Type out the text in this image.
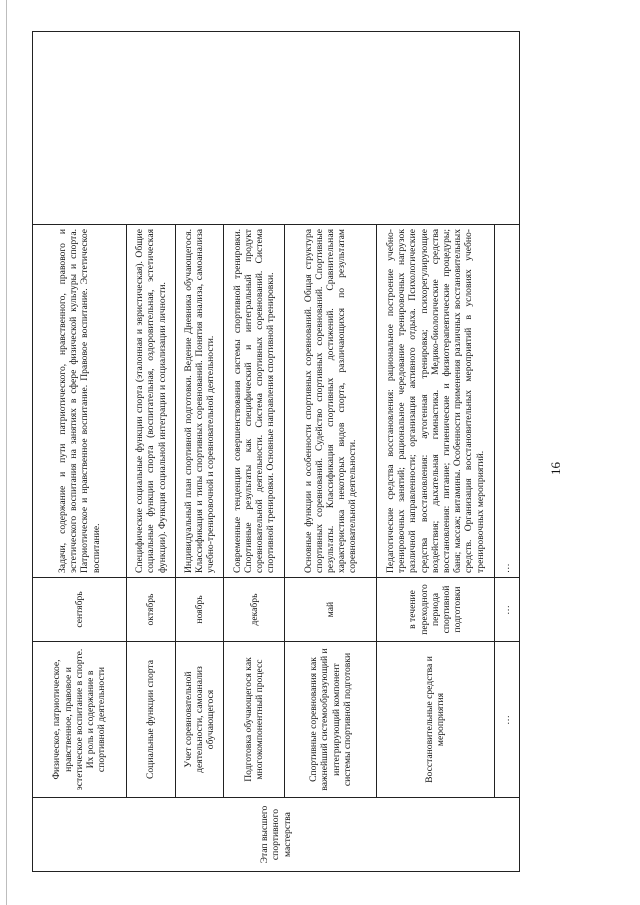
16
Этап высшего спортивного мастерства	Физическое, патриотическое, нравственное, правовое и эстетическое воспитание в спорте. Их роль и содержание в спортивной деятельности	сентябрь	Задачи, содержание и пути патриотического, нравственного, правового и эстетического воспитания на занятиях в сфере физической культуры и спорта. Патриотическое и нравственное воспитание. Правовое воспитание. Эстетическое воспитание.	
	Социальные функции спорта	октябрь	Специфические социальные функции спорта (эталонная и эвристическая). Общие социальные функции спорта (воспитательная, оздоровительная, эстетическая функции). Функция социальной интеграции и социализации личности.	
	Учет соревновательной деятельности, самоанализ обучающегося	ноябрь	Индивидуальный план спортивной подготовки. Ведение Дневника обучающегося. Классификация и типы спортивных соревнований. Понятия анализа, самоанализа учебно-тренировочной и соревновательной деятельности.	
	Подготовка обучающегося как многокомпонентный процесс	декабрь	Современные тенденции совершенствования системы спортивной тренировки. Спортивные результаты как специфический и интегральный продукт соревновательной деятельности. Система спортивных соревнований. Система спортивной тренировки. Основные направления спортивной тренировки.	
	Спортивные соревнования как важнейший системообразующий и интегрирующий компонент системы спортивной подготовки	май	Основные функции и особенности спортивных соревнований. Общая структура спортивных соревнований. Судейство спортивных соревнований. Спортивные результаты. Классификация спортивных достижений. Сравнительная характеристика некоторых видов спорта, различающихся по результатам соревновательной деятельности.	
	Восстановительные средства и мероприятия	в течение переходного периода спортивной подготовки	Педагогические средства восстановления: рациональное построение учебно-тренировочных занятий; рациональное чередование тренировочных нагрузок различной направленности; организация активного отдыха. Психологические средства восстановления: аутогенная тренировка; психорегулирующие воздействия; дыхательная гимнастика. Медико-биологические средства восстановления: питание; гигиенические и физиотерапевтические процедуры; баня; массаж; витамины. Особенности применения различных восстановительных средств. Организация восстановительных мероприятий в условиях учебно-тренировочных мероприятий.	
	…	…	…	
